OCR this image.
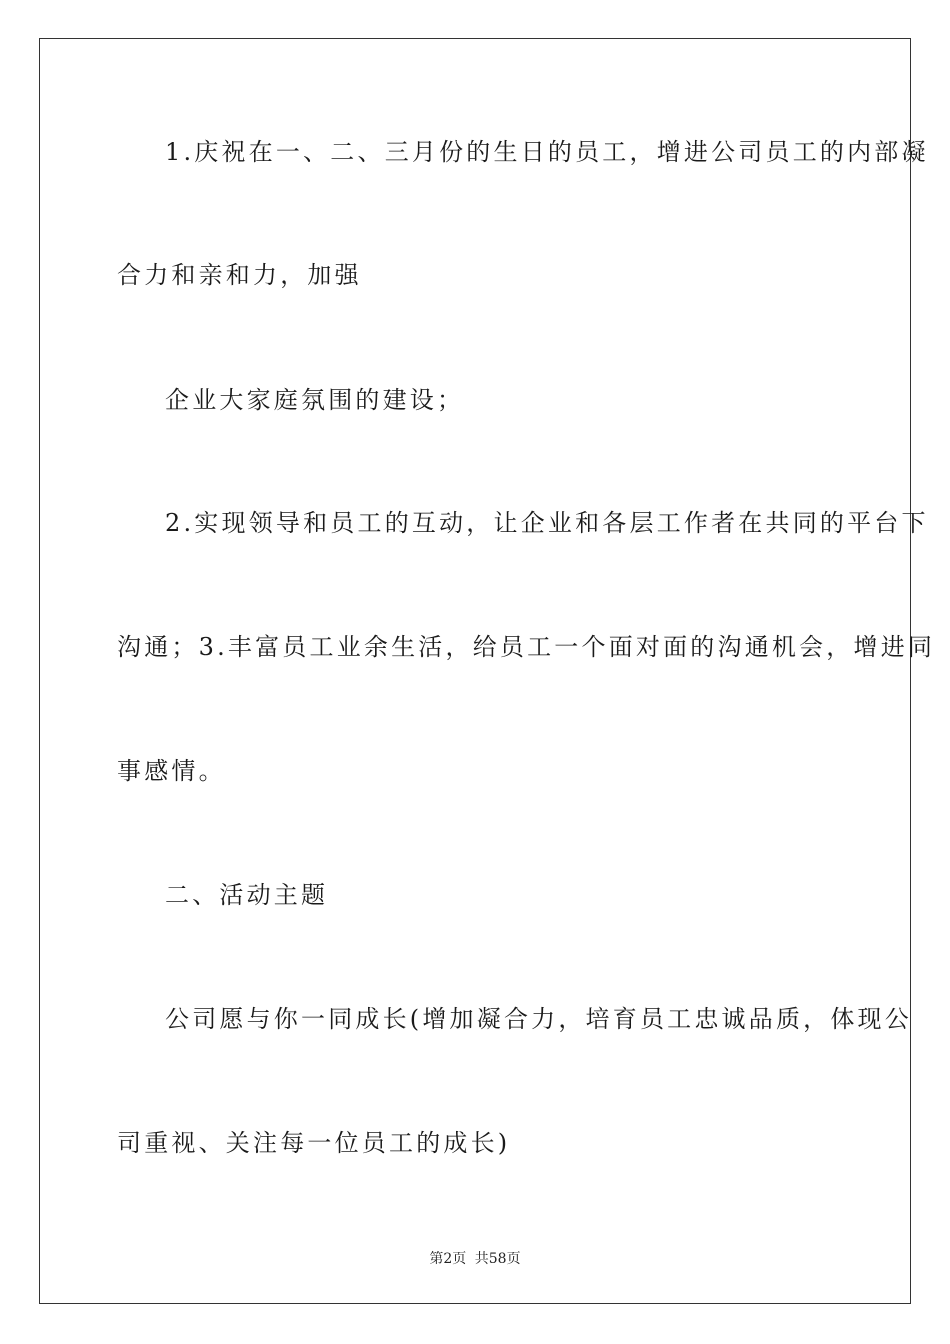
1.庆祝在一、二、三月份的生日的员工，增进公司员工的内部凝
合力和亲和力，加强
企业大家庭氛围的建设；
2.实现领导和员工的互动，让企业和各层工作者在共同的平台下
沟通；3.丰富员工业余生活，给员工一个面对面的沟通机会，增进同
事感情。
二、活动主题
公司愿与你一同成长(增加凝合力，培育员工忠诚品质，体现公
司重视、关注每一位员工的成长)
第2页 共58页
